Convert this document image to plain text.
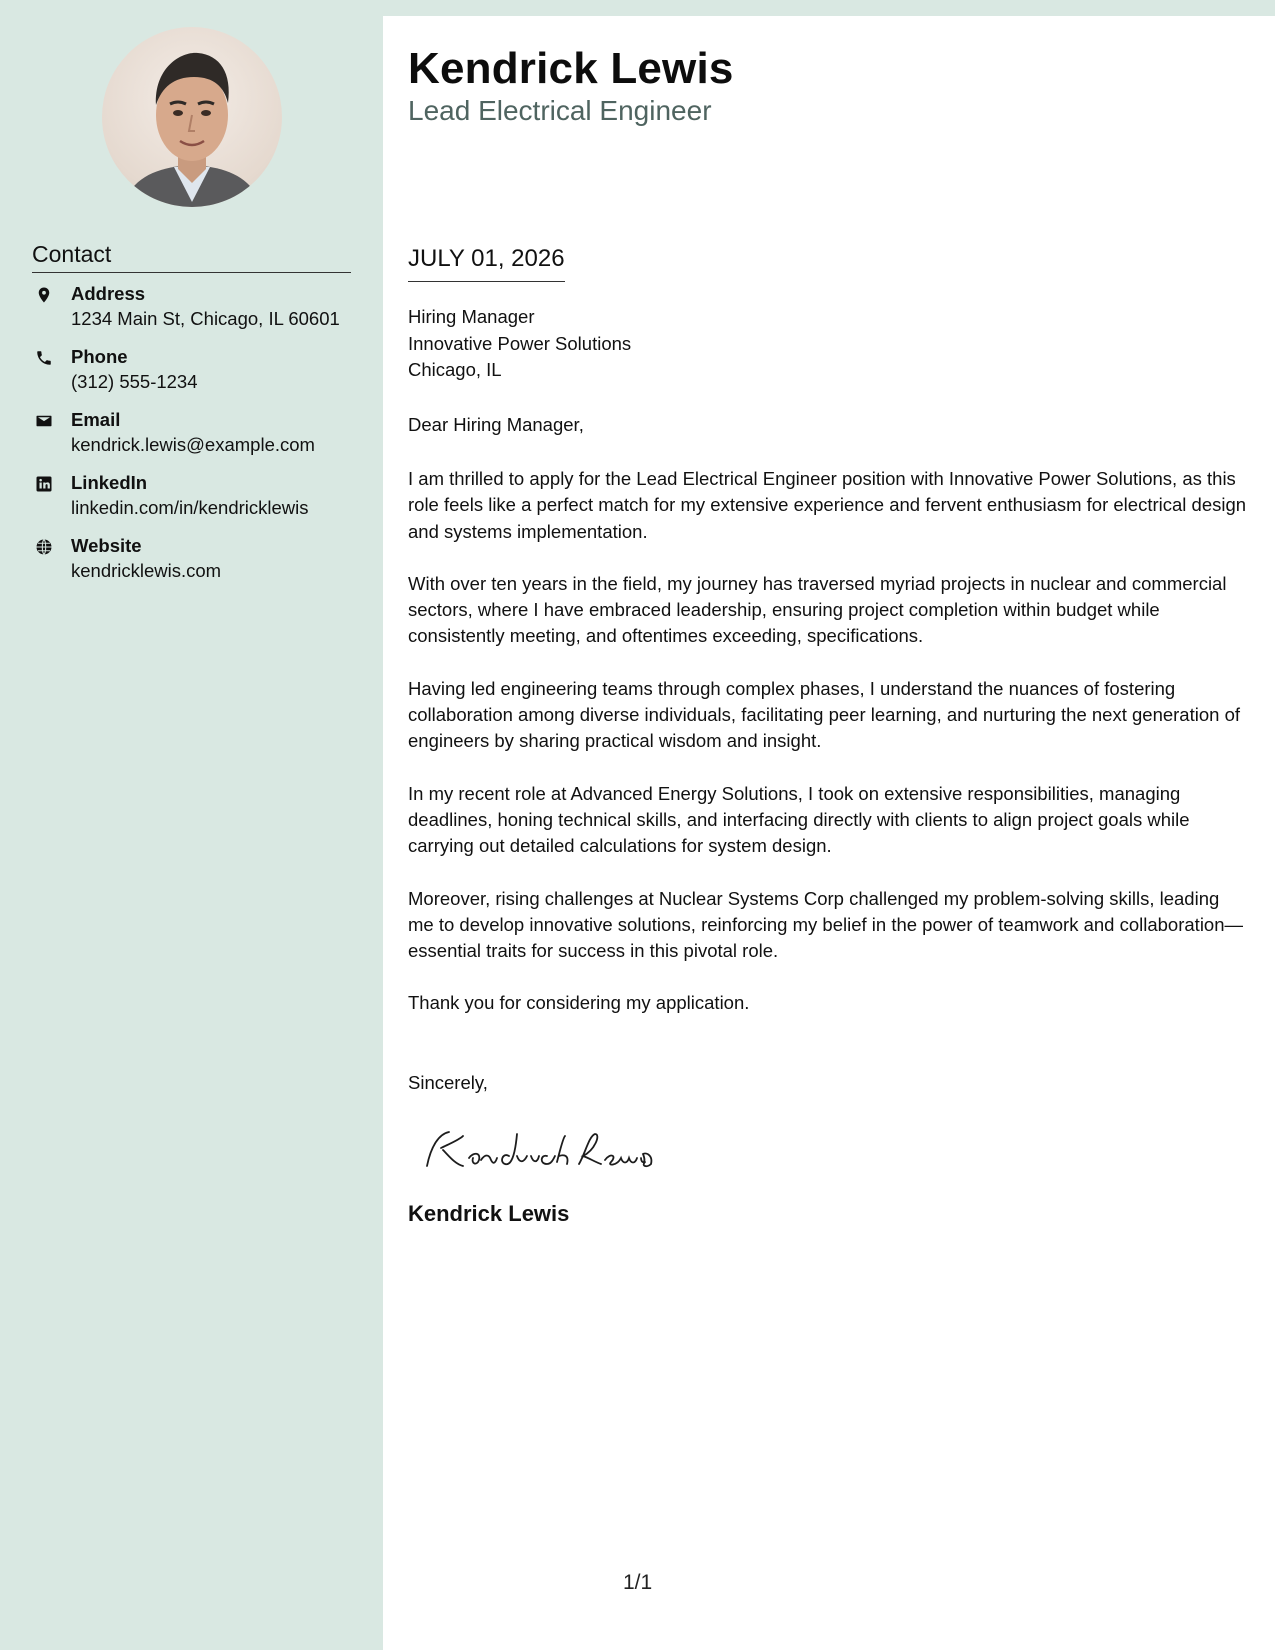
Contact
Address
1234 Main St, Chicago, IL 60601
Phone
(312) 555-1234
Email
kendrick.lewis@example.com
LinkedIn
linkedin.com/in/kendricklewis
Website
kendricklewis.com
Kendrick Lewis
Lead Electrical Engineer
JULY 01, 2026
Hiring Manager
Innovative Power Solutions
Chicago, IL
Dear Hiring Manager,

I am thrilled to apply for the Lead Electrical Engineer position with Innovative Power Solutions, as this role feels like a perfect match for my extensive experience and fervent enthusiasm for electrical design and systems implementation.

With over ten years in the field, my journey has traversed myriad projects in nuclear and commercial sectors, where I have embraced leadership, ensuring project completion within budget while consistently meeting, and oftentimes exceeding, specifications.

Having led engineering teams through complex phases, I understand the nuances of fostering collaboration among diverse individuals, facilitating peer learning, and nurturing the next generation of engineers by sharing practical wisdom and insight.

In my recent role at Advanced Energy Solutions, I took on extensive responsibilities, managing deadlines, honing technical skills, and interfacing directly with clients to align project goals while carrying out detailed calculations for system design.

Moreover, rising challenges at Nuclear Systems Corp challenged my problem-solving skills, leading me to develop innovative solutions, reinforcing my belief in the power of teamwork and collaboration—essential traits for success in this pivotal role.

Thank you for considering my application.

Sincerely,
Kendrick Lewis
1/1
